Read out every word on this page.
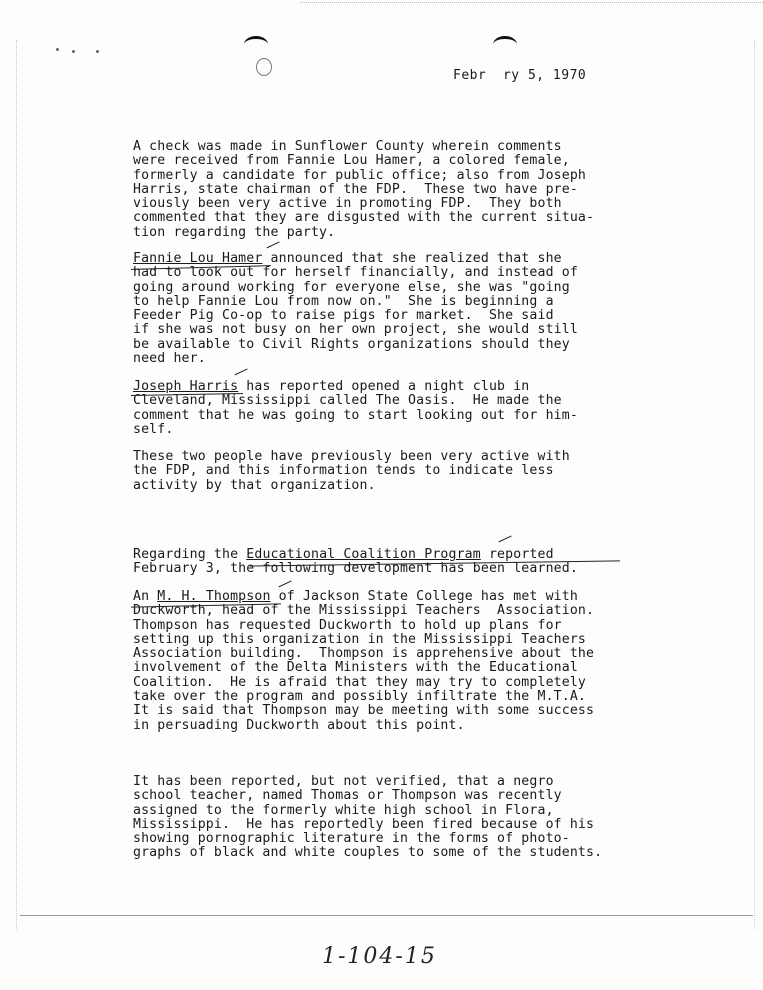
Febr  ry 5, 1970

A check was made in Sunflower County wherein comments
were received from Fannie Lou Hamer, a colored female,
formerly a candidate for public office; also from Joseph
Harris, state chairman of the FDP.  These two have pre-
viously been very active in promoting FDP.  They both
commented that they are disgusted with the current situa-
tion regarding the party.

Fannie Lou Hamer announced that she realized that she
had to look out for herself financially, and instead of
going around working for everyone else, she was "going
to help Fannie Lou from now on."  She is beginning a
Feeder Pig Co-op to raise pigs for market.  She said
if she was not busy on her own project, she would still
be available to Civil Rights organizations should they
need her.

Joseph Harris has reported opened a night club in
Cleveland, Mississippi called The Oasis.  He made the
comment that he was going to start looking out for him-
self.

These two people have previously been very active with
the FDP, and this information tends to indicate less
activity by that organization.

Regarding the Educational Coalition Program reported
February 3, the following development has been learned.

An M. H. Thompson of Jackson State College has met with
Duckworth, head of the Mississippi Teachers  Association.
Thompson has requested Duckworth to hold up plans for
setting up this organization in the Mississippi Teachers
Association building.  Thompson is apprehensive about the
involvement of the Delta Ministers with the Educational
Coalition.  He is afraid that they may try to completely
take over the program and possibly infiltrate the M.T.A.
It is said that Thompson may be meeting with some success
in persuading Duckworth about this point.

It has been reported, but not verified, that a negro
school teacher, named Thomas or Thompson was recently
assigned to the formerly white high school in Flora,
Mississippi.  He has reportedly been fired because of his
showing pornographic literature in the forms of photo-
graphs of black and white couples to some of the students.

1-104-15
